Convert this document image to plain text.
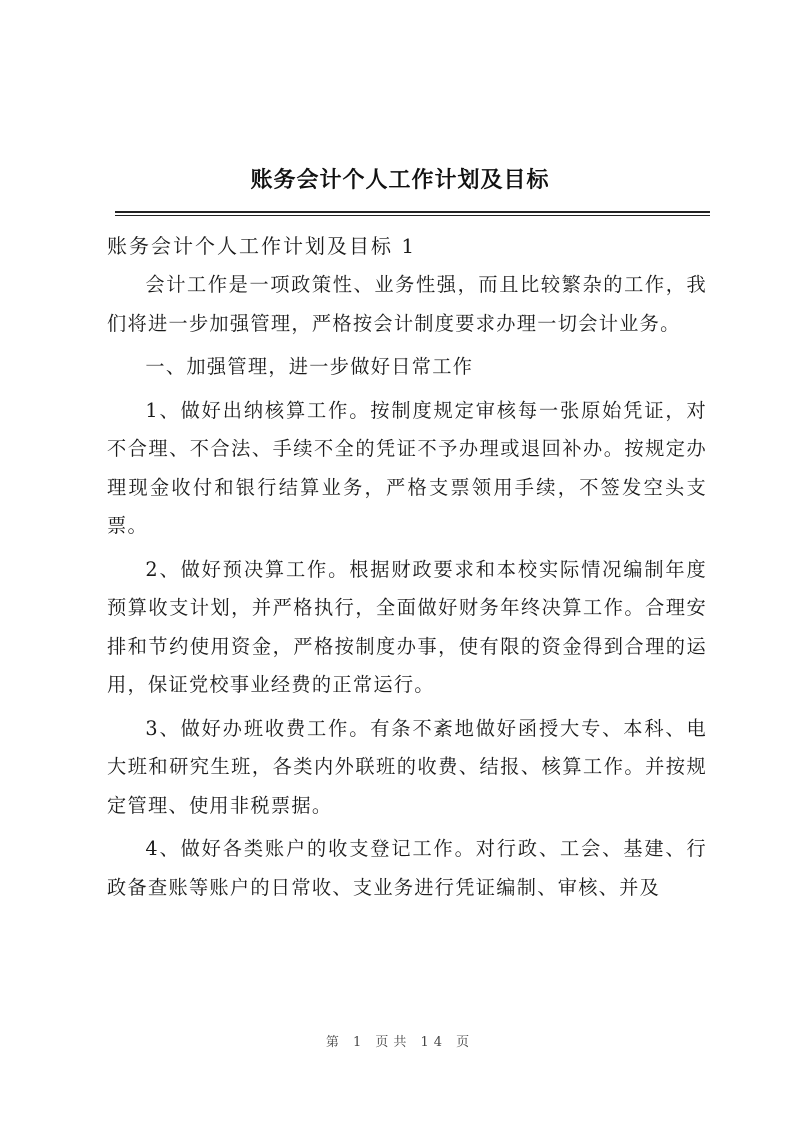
账务会计个人工作计划及目标
账务会计个人工作计划及目标 1

会计工作是一项政策性、业务性强，而且比较繁杂的工作，我们将进一步加强管理，严格按会计制度要求办理一切会计业务。

一、加强管理，进一步做好日常工作

1、做好出纳核算工作。按制度规定审核每一张原始凭证，对不合理、不合法、手续不全的凭证不予办理或退回补办。按规定办理现金收付和银行结算业务，严格支票领用手续，不签发空头支票。

2、做好预决算工作。根据财政要求和本校实际情况编制年度预算收支计划，并严格执行，全面做好财务年终决算工作。合理安排和节约使用资金，严格按制度办事，使有限的资金得到合理的运用，保证党校事业经费的正常运行。

3、做好办班收费工作。有条不紊地做好函授大专、本科、电大班和研究生班，各类内外联班的收费、结报、核算工作。并按规定管理、使用非税票据。

4、做好各类账户的收支登记工作。对行政、工会、基建、行政备查账等账户的日常收、支业务进行凭证编制、审核、并及

第 1 页共 14 页
